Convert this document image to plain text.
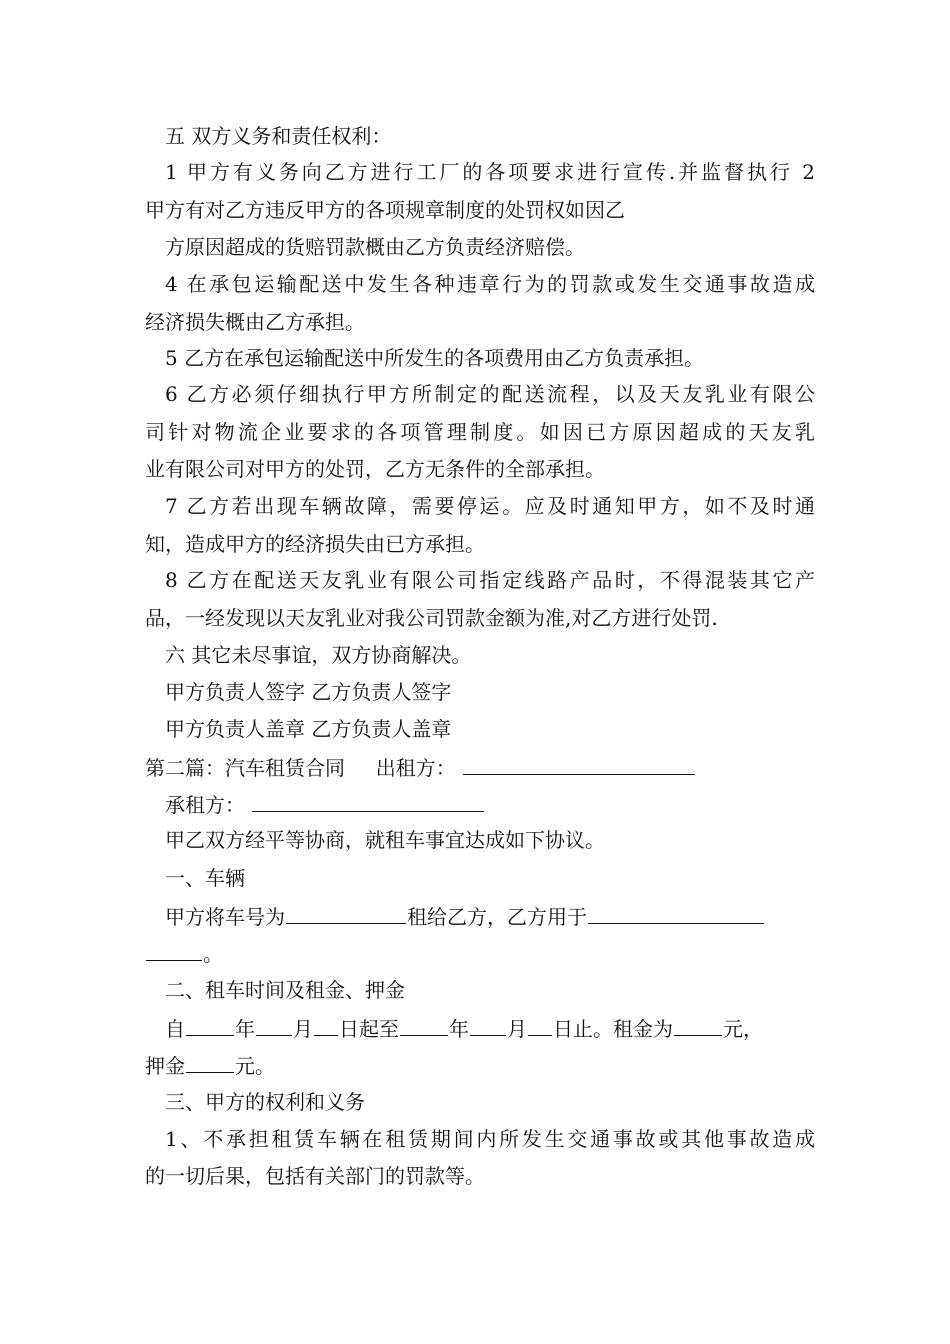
五 双方义务和责任权利：
1 甲方有义务向乙方进行工厂的各项要求进行宣传.并监督执行 2
甲方有对乙方违反甲方的各项规章制度的处罚权如因乙
方原因超成的货赔罚款概由乙方负责经济赔偿。
4 在承包运输配送中发生各种违章行为的罚款或发生交通事故造成
经济损失概由乙方承担。
5 乙方在承包运输配送中所发生的各项费用由乙方负责承担。
6 乙方必须仔细执行甲方所制定的配送流程，以及天友乳业有限公
司针对物流企业要求的各项管理制度。如因已方原因超成的天友乳
业有限公司对甲方的处罚，乙方无条件的全部承担。
7 乙方若出现车辆故障，需要停运。应及时通知甲方，如不及时通
知，造成甲方的经济损失由已方承担。
8 乙方在配送天友乳业有限公司指定线路产品时，不得混装其它产
品，一经发现以天友乳业对我公司罚款金额为准,对乙方进行处罚.
六 其它未尽事谊，双方协商解决。
甲方负责人签字 乙方负责人签字
甲方负责人盖章 乙方负责人盖章
第二篇：汽车租赁合同 出租方：
承租方：
甲乙双方经平等协商，就租车事宜达成如下协议。
一、车辆
甲方将车号为	租给乙方，乙方用于
。
二、租车时间及租金、押金
自	年 月 日起至	年 月 日止。租金为	元，
押金	元。
三、甲方的权利和义务
1、不承担租赁车辆在租赁期间内所发生交通事故或其他事故造成
的一切后果，包括有关部门的罚款等。
